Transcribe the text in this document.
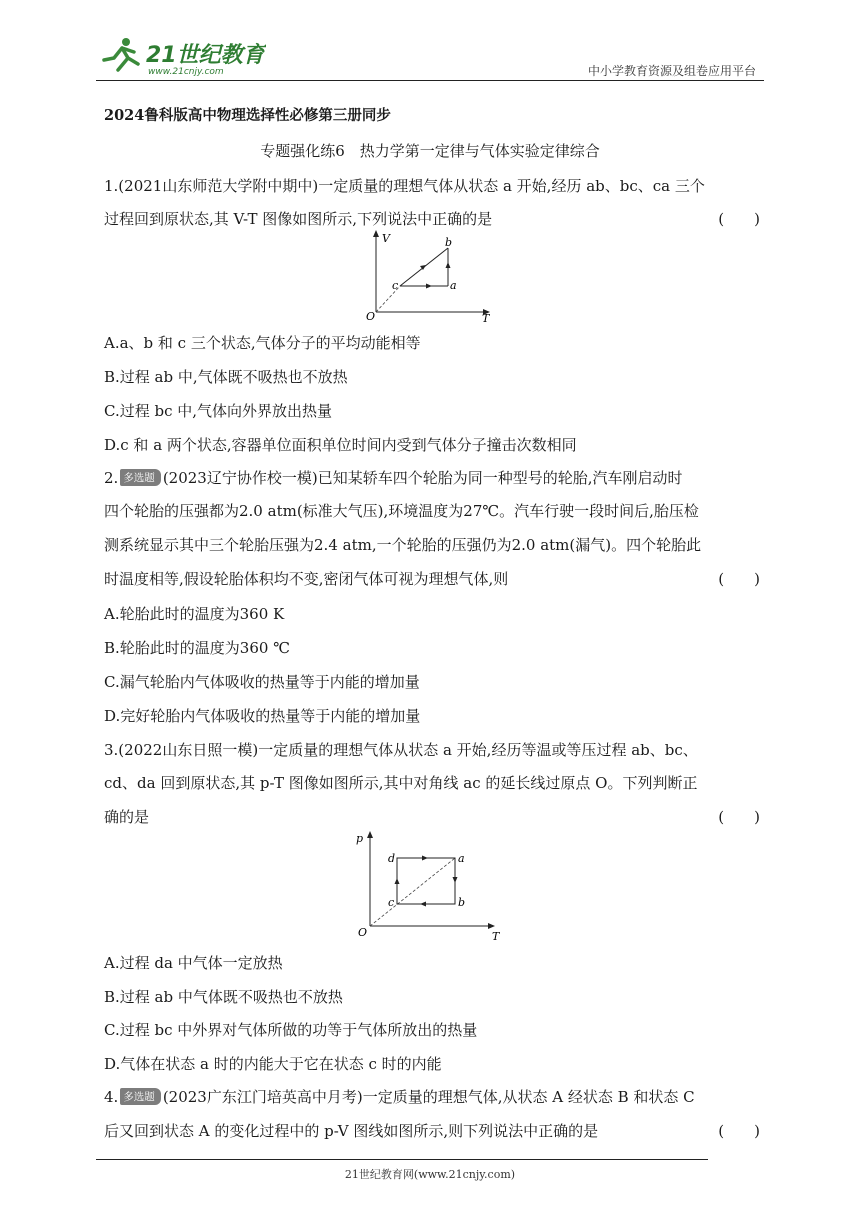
21世纪教育
www.21cnjy.com	中小学教育资源及组卷应用平台
2024鲁科版高中物理选择性必修第三册同步
专题强化练6　热力学第一定律与气体实验定律综合
1.(2021山东师范大学附中期中)一定质量的理想气体从状态 a 开始,经历 ab、bc、ca 三个
过程回到原状态,其 V-T 图像如图所示,下列说法中正确的是	(　　)
V
T
O
a
b
c
A.a、b 和 c 三个状态,气体分子的平均动能相等
B.过程 ab 中,气体既不吸热也不放热
C.过程 bc 中,气体向外界放出热量
D.c 和 a 两个状态,容器单位面积单位时间内受到气体分子撞击次数相同
2. 多选题 (2023辽宁协作校一模)已知某轿车四个轮胎为同一种型号的轮胎,汽车刚启动时
四个轮胎的压强都为2.0 atm(标准大气压),环境温度为27℃。汽车行驶一段时间后,胎压检
测系统显示其中三个轮胎压强为2.4 atm,一个轮胎的压强仍为2.0 atm(漏气)。四个轮胎此
时温度相等,假设轮胎体积均不变,密闭气体可视为理想气体,则	(　　)
A.轮胎此时的温度为360 K
B.轮胎此时的温度为360 ℃
C.漏气轮胎内气体吸收的热量等于内能的增加量
D.完好轮胎内气体吸收的热量等于内能的增加量
3.(2022山东日照一模)一定质量的理想气体从状态 a 开始,经历等温或等压过程 ab、bc、
cd、da 回到原状态,其 p-T 图像如图所示,其中对角线 ac 的延长线过原点 O。下列判断正
确的是	(　　)
p
T
O
a
b
c
d
A.过程 da 中气体一定放热
B.过程 ab 中气体既不吸热也不放热
C.过程 bc 中外界对气体所做的功等于气体所放出的热量
D.气体在状态 a 时的内能大于它在状态 c 时的内能
4. 多选题 (2023广东江门培英高中月考)一定质量的理想气体,从状态 A 经状态 B 和状态 C
后又回到状态 A 的变化过程中的 p-V 图线如图所示,则下列说法中正确的是	(　　)
21世纪教育网(www.21cnjy.com)
